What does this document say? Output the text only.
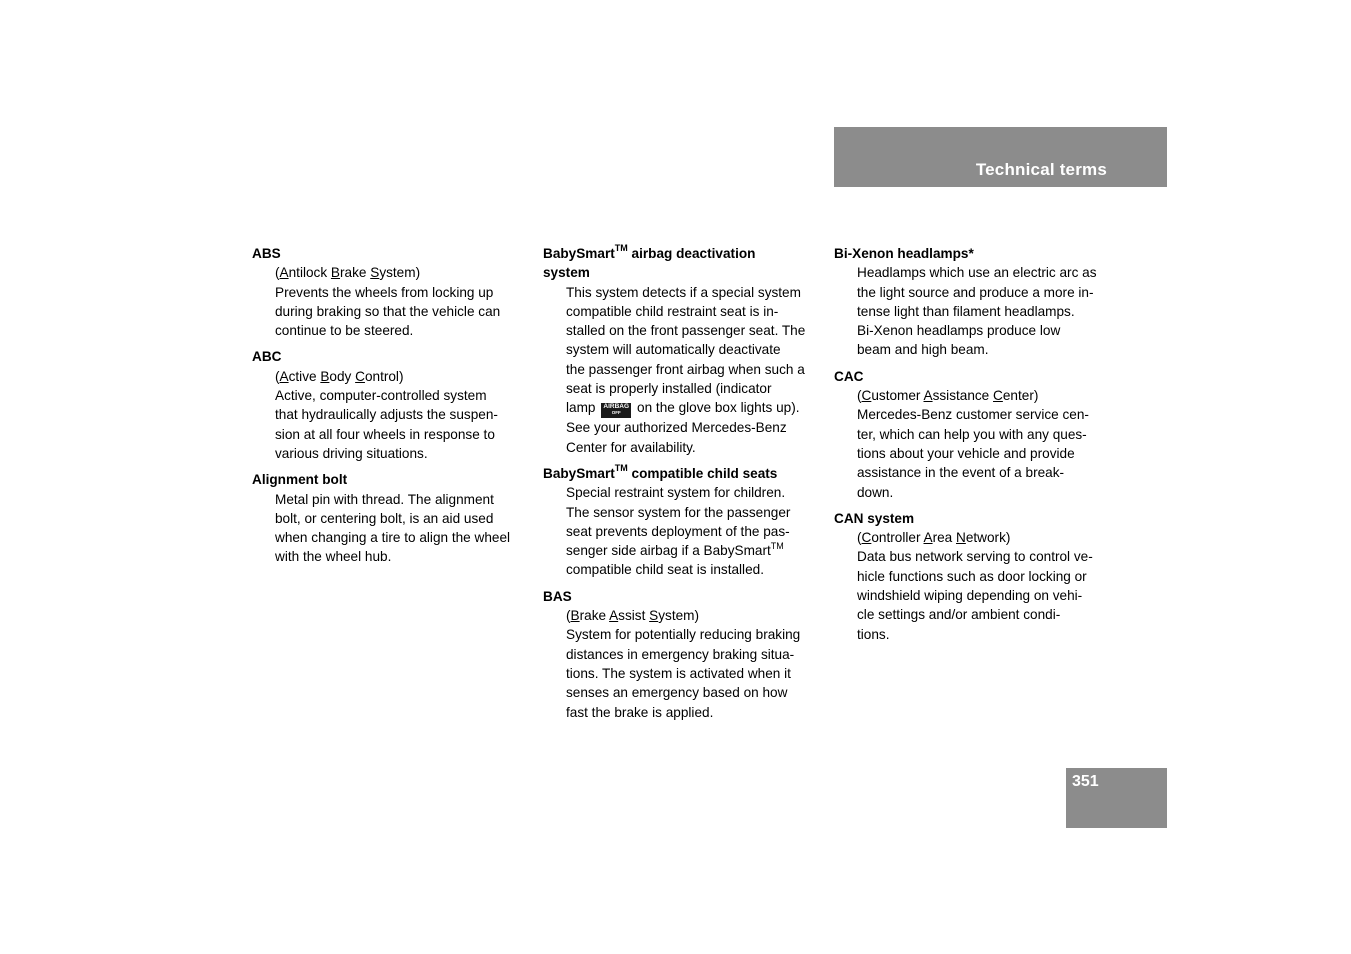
Technical terms
ABS
(Antilock Brake System)
Prevents the wheels from locking up
during braking so that the vehicle can
continue to be steered.
ABC
(Active Body Control)
Active, computer-controlled system
that hydraulically adjusts the suspen-
sion at all four wheels in response to
various driving situations.
Alignment bolt
Metal pin with thread. The alignment
bolt, or centering bolt, is an aid used
when changing a tire to align the wheel
with the wheel hub.
BabySmart™ airbag deactivation
system
This system detects if a special system
compatible child restraint seat is in-
stalled on the front passenger seat. The
system will automatically deactivate
the passenger front airbag when such a
seat is properly installed (indicator
lamp AIRBAG
OFF on the glove box lights up).
See your authorized Mercedes-Benz
Center for availability.
BabySmart™ compatible child seats
Special restraint system for children.
The sensor system for the passenger
seat prevents deployment of the pas-
senger side airbag if a BabySmart™
compatible child seat is installed.
BAS
(Brake Assist System)
System for potentially reducing braking
distances in emergency braking situa-
tions. The system is activated when it
senses an emergency based on how
fast the brake is applied.
Bi-Xenon headlamps*
Headlamps which use an electric arc as
the light source and produce a more in-
tense light than filament headlamps.
Bi-Xenon headlamps produce low
beam and high beam.
CAC
(Customer Assistance Center)
Mercedes-Benz customer service cen-
ter, which can help you with any ques-
tions about your vehicle and provide
assistance in the event of a break-
down.
CAN system
(Controller Area Network)
Data bus network serving to control ve-
hicle functions such as door locking or
windshield wiping depending on vehi-
cle settings and/or ambient condi-
tions.
351
